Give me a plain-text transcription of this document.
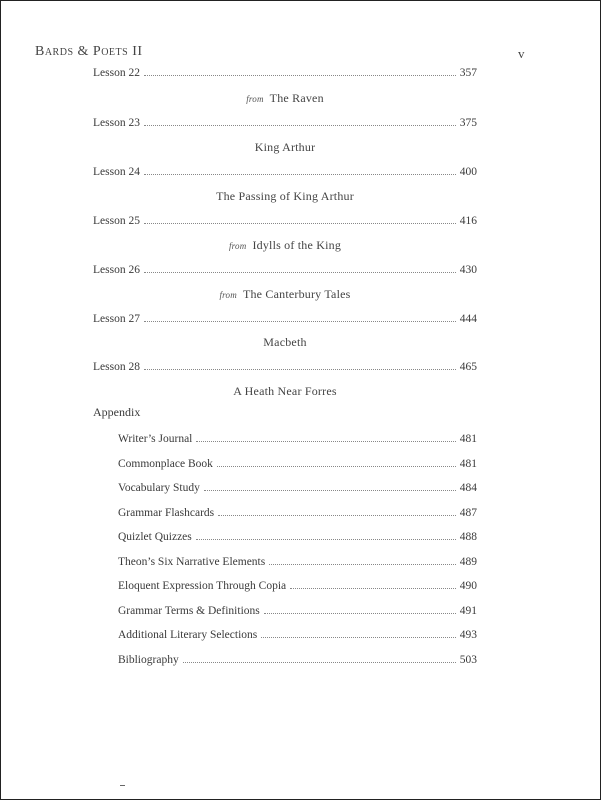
Bards & Poets II	v
Lesson 22	357
from The Raven
Lesson 23	375
King Arthur
Lesson 24	400
The Passing of King Arthur
Lesson 25	416
from Idylls of the King
Lesson 26	430
from The Canterbury Tales
Lesson 27	444
Macbeth
Lesson 28	465
A Heath Near Forres
Appendix
Writer’s Journal	481
Commonplace Book	481
Vocabulary Study	484
Grammar Flashcards	487
Quizlet Quizzes	488
Theon’s Six Narrative Elements	489
Eloquent Expression Through Copia	490
Grammar Terms & Definitions	491
Additional Literary Selections	493
Bibliography	503
